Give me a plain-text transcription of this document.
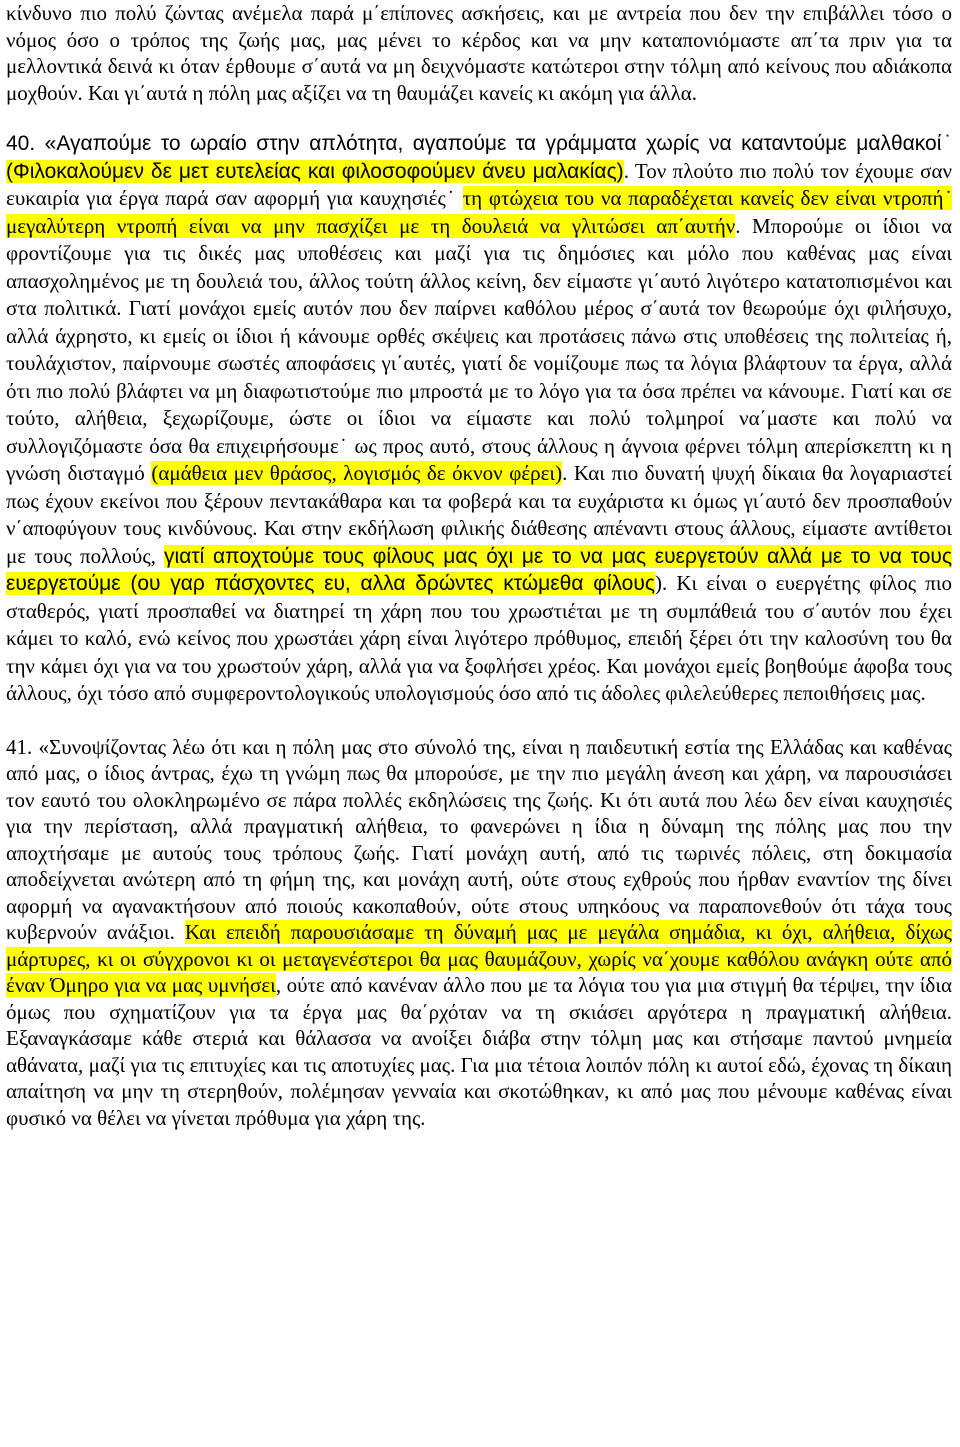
κίνδυνο πιο πολύ ζώντας ανέμελα παρά μ΄επίπονες ασκήσεις, και με αντρεία που δεν την επιβάλλει τόσο ο νόμος όσο ο τρόπος της ζωής μας, μας μένει το κέρδος και να μην καταπονιόμαστε απ΄τα πριν για τα μελλοντικά δεινά κι όταν έρθουμε σ΄αυτά να μη δειχνόμαστε κατώτεροι στην τόλμη από κείνους που αδιάκοπα μοχθούν. Και γι΄αυτά η πόλη μας αξίζει να τη θαυμάζει κανείς κι ακόμη για άλλα.

40. «Αγαπούμε το ωραίο στην απλότητα, αγαπούμε τα γράμματα χωρίς να καταντούμε μαλθακοί˙ (Φιλοκαλούμεν δε μετ ευτελείας και φιλοσοφούμεν άνευ μαλακίας). Τον πλούτο πιο πολύ τον έχουμε σαν ευκαιρία για έργα παρά σαν αφορμή για καυχησιές˙ τη φτώχεια του να παραδέχεται κανείς δεν είναι ντροπή˙ μεγαλύτερη ντροπή είναι να μην πασχίζει με τη δουλειά να γλιτώσει απ΄αυτήν. Μπορούμε οι ίδιοι να φροντίζουμε για τις δικές μας υποθέσεις και μαζί για τις δημόσιες και μόλο που καθένας μας είναι απασχολημένος με τη δουλειά του, άλλος τούτη άλλος κείνη, δεν είμαστε γι΄αυτό λιγότερο κατατοπισμένοι και στα πολιτικά. Γιατί μονάχοι εμείς αυτόν που δεν παίρνει καθόλου μέρος σ΄αυτά τον θεωρούμε όχι φιλήσυχο, αλλά άχρηστο, κι εμείς οι ίδιοι ή κάνουμε ορθές σκέψεις και προτάσεις πάνω στις υποθέσεις της πολιτείας ή, τουλάχιστον, παίρνουμε σωστές αποφάσεις γι΄αυτές, γιατί δε νομίζουμε πως τα λόγια βλάφτουν τα έργα, αλλά ότι πιο πολύ βλάφτει να μη διαφωτιστούμε πιο μπροστά με το λόγο για τα όσα πρέπει να κάνουμε. Γιατί και σε τούτο, αλήθεια, ξεχωρίζουμε, ώστε οι ίδιοι να είμαστε και πολύ τολμηροί να΄μαστε και πολύ να συλλογιζόμαστε όσα θα επιχειρήσουμε˙ ως προς αυτό, στους άλλους η άγνοια φέρνει τόλμη απερίσκεπτη κι η γνώση δισταγμό (αμάθεια μεν θράσος, λογισμός δε όκνον φέρει). Και πιο δυνατή ψυχή δίκαια θα λογαριαστεί πως έχουν εκείνοι που ξέρουν πεντακάθαρα και τα φοβερά και τα ευχάριστα κι όμως γι΄αυτό δεν προσπαθούν ν΄αποφύγουν τους κινδύνους. Και στην εκδήλωση φιλικής διάθεσης απέναντι στους άλλους, είμαστε αντίθετοι με τους πολλούς, γιατί αποχτούμε τους φίλους μας όχι με το να μας ευεργετούν αλλά με το να τους ευεργετούμε (ου γαρ πάσχοντες ευ, αλλα δρώντες κτώμεθα φίλους). Κι είναι ο ευεργέτης φίλος πιο σταθερός, γιατί προσπαθεί να διατηρεί τη χάρη που του χρωστιέται με τη συμπάθειά του σ΄αυτόν που έχει κάμει το καλό, ενώ κείνος που χρωστάει χάρη είναι λιγότερο πρόθυμος, επειδή ξέρει ότι την καλοσύνη του θα την κάμει όχι για να του χρωστούν χάρη, αλλά για να ξοφλήσει χρέος. Και μονάχοι εμείς βοηθούμε άφοβα τους άλλους, όχι τόσο από συμφεροντολογικούς υπολογισμούς όσο από τις άδολες φιλελεύθερες πεποιθήσεις μας.

41. «Συνοψίζοντας λέω ότι και η πόλη μας στο σύνολό της, είναι η παιδευτική εστία της Ελλάδας και καθένας από μας, ο ίδιος άντρας, έχω τη γνώμη πως θα μπορούσε, με την πιο μεγάλη άνεση και χάρη, να παρουσιάσει τον εαυτό του ολοκληρωμένο σε πάρα πολλές εκδηλώσεις της ζωής. Κι ότι αυτά που λέω δεν είναι καυχησιές για την περίσταση, αλλά πραγματική αλήθεια, το φανερώνει η ίδια η δύναμη της πόλης μας που την αποχτήσαμε με αυτούς τους τρόπους ζωής. Γιατί μονάχη αυτή, από τις τωρινές πόλεις, στη δοκιμασία αποδείχνεται ανώτερη από τη φήμη της, και μονάχη αυτή, ούτε στους εχθρούς που ήρθαν εναντίον της δίνει αφορμή να αγανακτήσουν από ποιούς κακοπαθούν, ούτε στους υπηκόους να παραπονεθούν ότι τάχα τους κυβερνούν ανάξιοι. Και επειδή παρουσιάσαμε τη δύναμή μας με μεγάλα σημάδια, κι όχι, αλήθεια, δίχως μάρτυρες, κι οι σύγχρονοι κι οι μεταγενέστεροι θα μας θαυμάζουν, χωρίς να΄χουμε καθόλου ανάγκη ούτε από έναν Όμηρο για να μας υμνήσει, ούτε από κανέναν άλλο που με τα λόγια του για μια στιγμή θα τέρψει, την ίδια όμως που σχηματίζουν για τα έργα μας θα΄ρχόταν να τη σκιάσει αργότερα η πραγματική αλήθεια. Εξαναγκάσαμε κάθε στεριά και θάλασσα να ανοίξει διάβα στην τόλμη μας και στήσαμε παντού μνημεία αθάνατα, μαζί για τις επιτυχίες και τις αποτυχίες μας. Για μια τέτοια λοιπόν πόλη κι αυτοί εδώ, έχονας τη δίκαιη απαίτηση να μην τη στερηθούν, πολέμησαν γενναία και σκοτώθηκαν, κι από μας που μένουμε καθένας είναι φυσικό να θέλει να γίνεται πρόθυμα για χάρη της.
